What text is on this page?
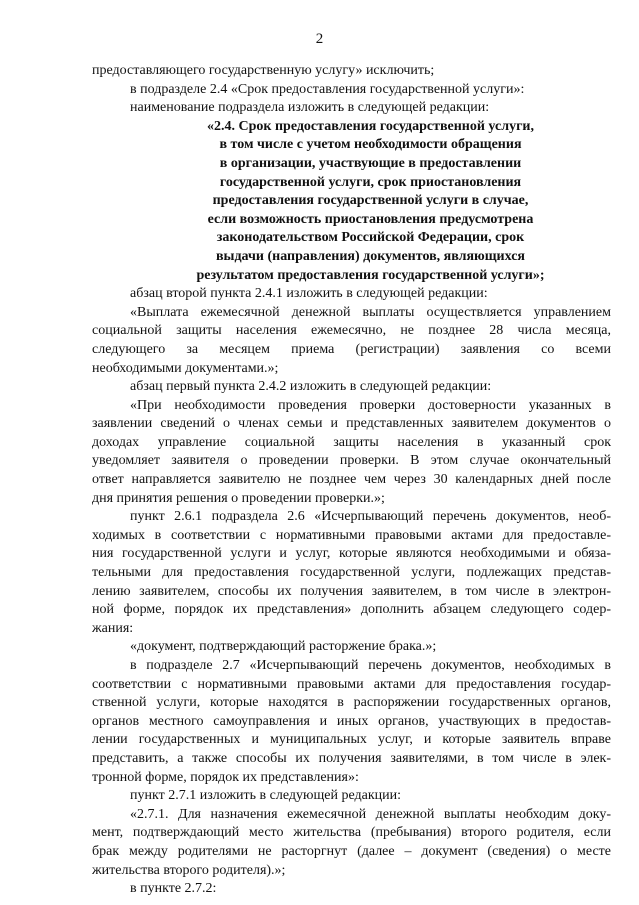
2
предоставляющего государственную услугу» исключить;
в подразделе 2.4 «Срок предоставления государственной услуги»:
наименование подраздела изложить в следующей редакции:
«2.4. Срок предоставления государственной услуги,
в том числе с учетом необходимости обращения
в организации, участвующие в предоставлении
государственной услуги, срок приостановления
предоставления государственной услуги в случае,
если возможность приостановления предусмотрена
законодательством Российской Федерации, срок
выдачи (направления) документов, являющихся
результатом предоставления государственной услуги»;
абзац второй пункта 2.4.1 изложить в следующей редакции:
«Выплата ежемесячной денежной выплаты осуществляется управлением
социальной защиты населения ежемесячно, не позднее 28 числа месяца,
следующего за месяцем приема (регистрации) заявления со всеми
необходимыми документами.»;
абзац первый пункта 2.4.2 изложить в следующей редакции:
«При необходимости проведения проверки достоверности указанных в
заявлении сведений о членах семьи и представленных заявителем документов о
доходах управление социальной защиты населения в указанный срок
уведомляет заявителя о проведении проверки. В этом случае окончательный
ответ направляется заявителю не позднее чем через 30 календарных дней после
дня принятия решения о проведении проверки.»;
пункт 2.6.1 подраздела 2.6 «Исчерпывающий перечень документов, необ-
ходимых в соответствии с нормативными правовыми актами для предоставле-
ния государственной услуги и услуг, которые являются необходимыми и обяза-
тельными для предоставления государственной услуги, подлежащих представ-
лению заявителем, способы их получения заявителем, в том числе в электрон-
ной форме, порядок их представления» дополнить абзацем следующего содер-
жания:
«документ, подтверждающий расторжение брака.»;
в подразделе 2.7 «Исчерпывающий перечень документов, необходимых в
соответствии с нормативными правовыми актами для предоставления государ-
ственной услуги, которые находятся в распоряжении государственных органов,
органов местного самоуправления и иных органов, участвующих в предостав-
лении государственных и муниципальных услуг, и которые заявитель вправе
представить, а также способы их получения заявителями, в том числе в элек-
тронной форме, порядок их представления»:
пункт 2.7.1 изложить в следующей редакции:
«2.7.1. Для назначения ежемесячной денежной выплаты необходим доку-
мент, подтверждающий место жительства (пребывания) второго родителя, если
брак между родителями не расторгнут (далее – документ (сведения) о месте
жительства второго родителя).»;
в пункте 2.7.2:
